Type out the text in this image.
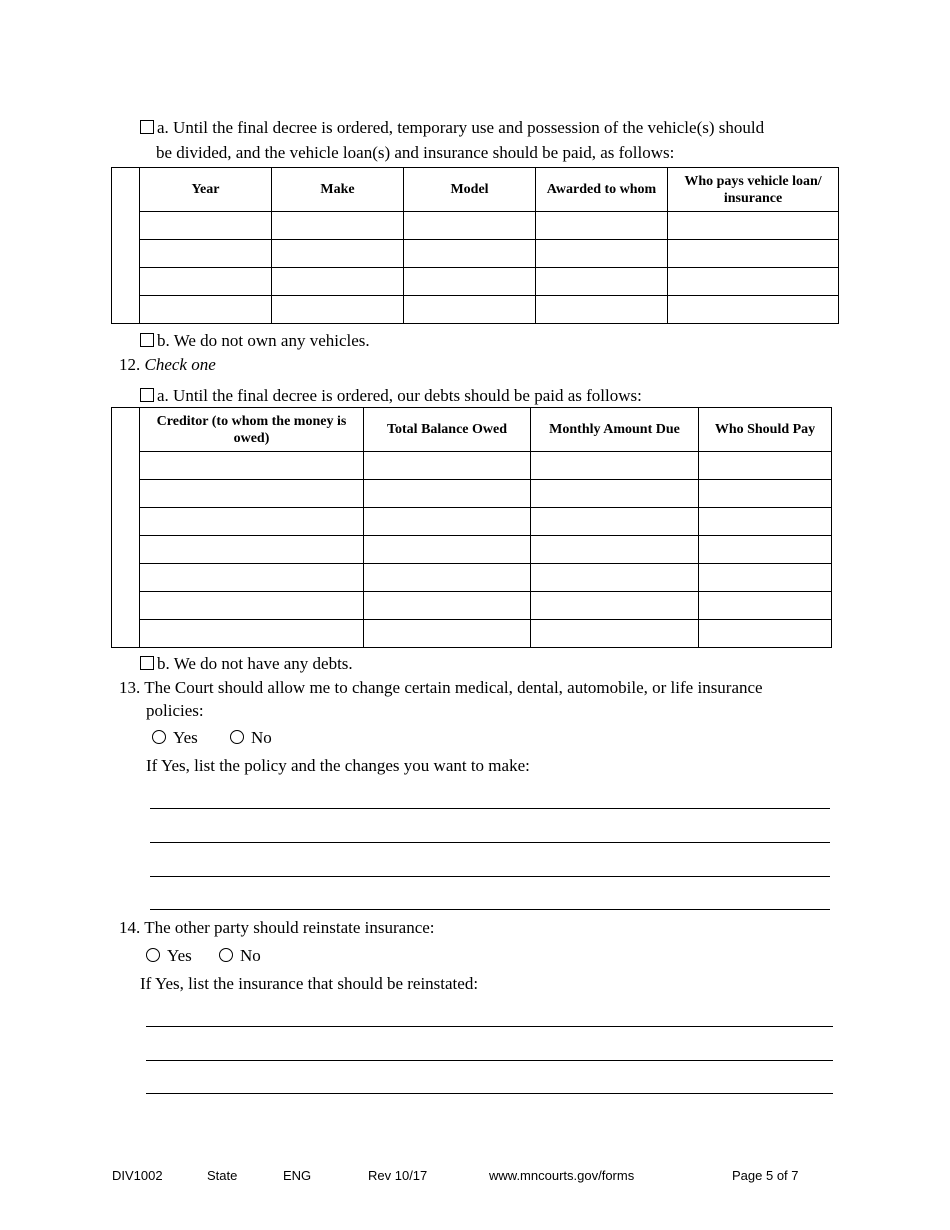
a. Until the final decree is ordered, temporary use and possession of the vehicle(s) should
be divided, and the vehicle loan(s) and insurance should be paid, as follows:
	Year	Make	Model	Awarded to whom	Who pays vehicle loan/ insurance

b. We do not own any vehicles.
12. Check one
a. Until the final decree is ordered, our debts should be paid as follows:
	Creditor (to whom the money is owed)	Total Balance Owed	Monthly Amount Due	Who Should Pay

b. We do not have any debts.
13. The Court should allow me to change certain medical, dental, automobile, or life insurance
policies:
Yes	No
If Yes, list the policy and the changes you want to make:
14. The other party should reinstate insurance:
Yes	No
If Yes, list the insurance that should be reinstated:
DIV1002	State	ENG	Rev 10/17	www.mncourts.gov/forms	Page 5 of 7
